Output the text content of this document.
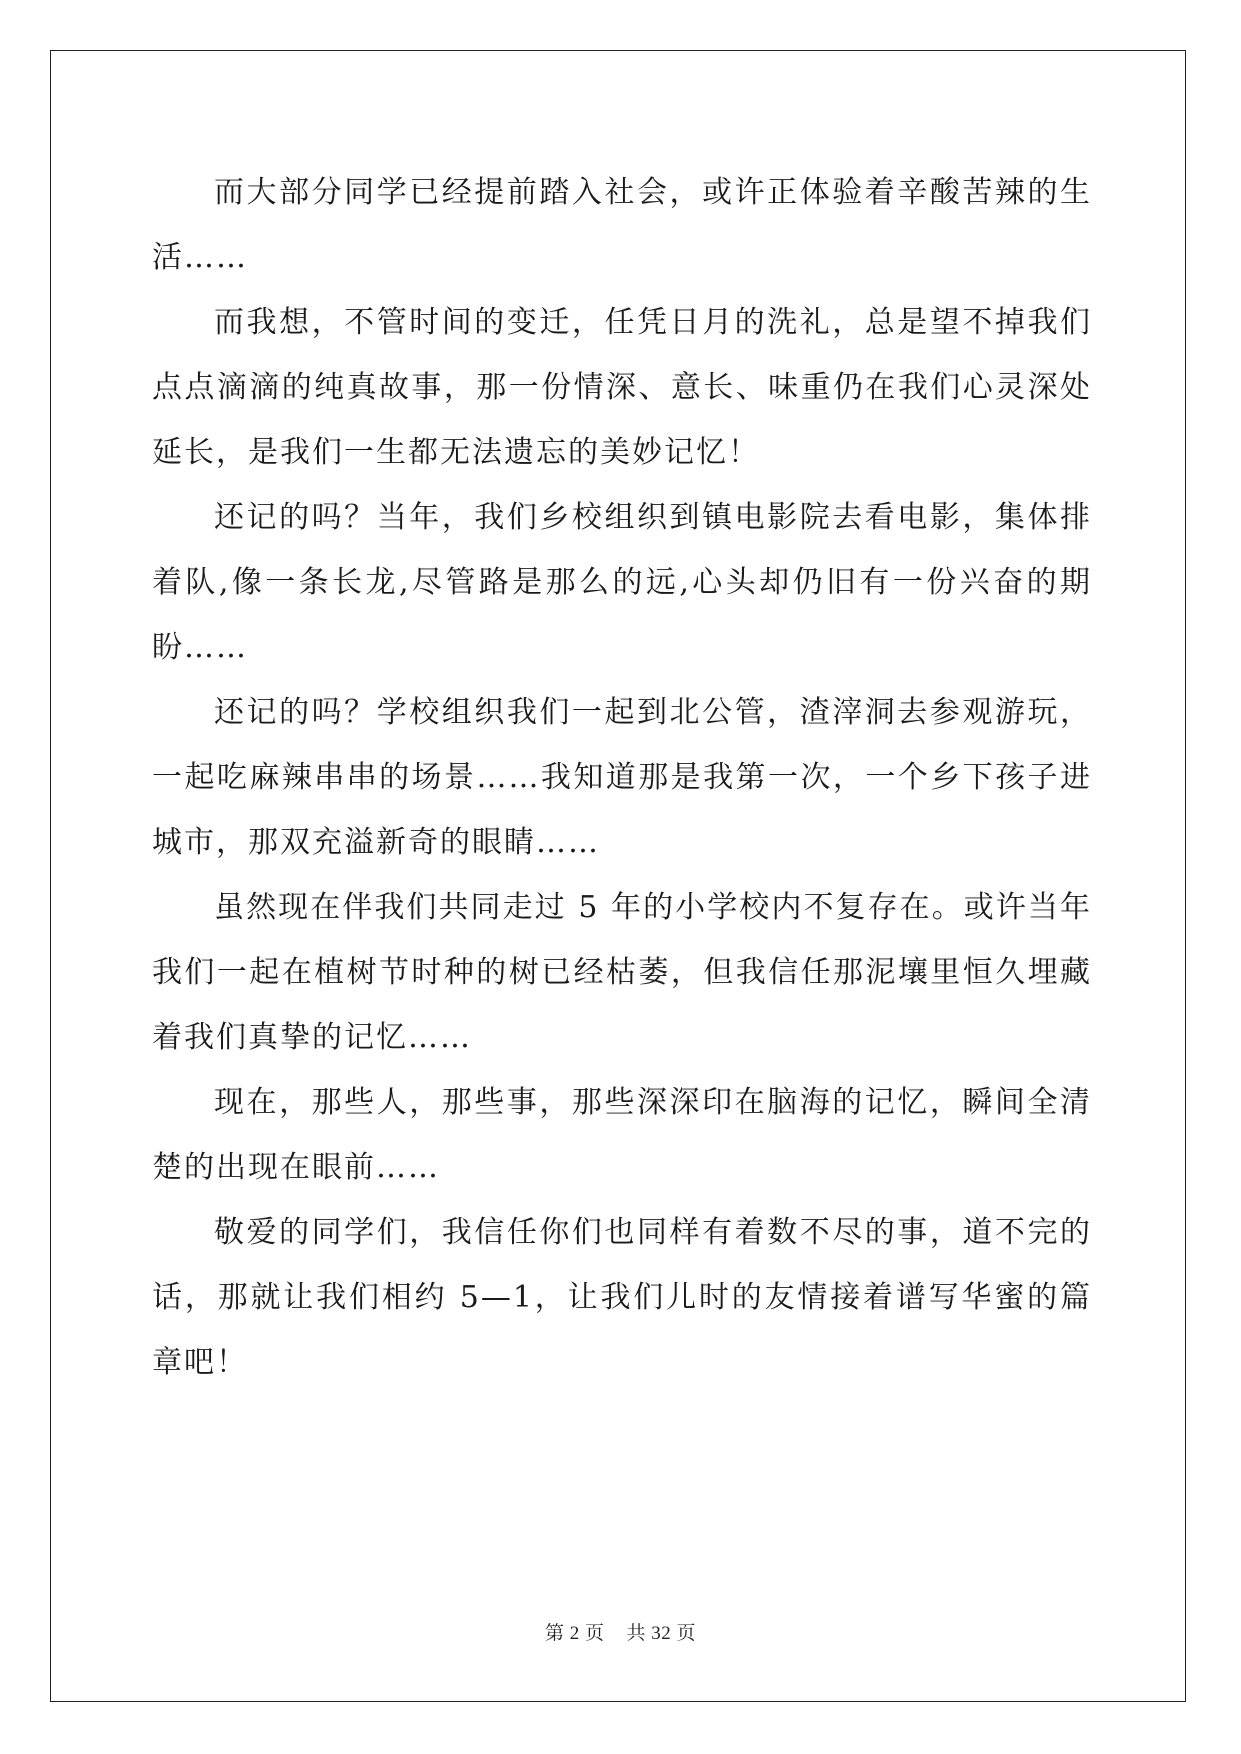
而大部分同学已经提前踏入社会，或许正体验着辛酸苦辣的生活……

而我想，不管时间的变迁，任凭日月的洗礼，总是望不掉我们点点滴滴的纯真故事，那一份情深、意长、味重仍在我们心灵深处延长，是我们一生都无法遗忘的美妙记忆！

还记的吗？当年，我们乡校组织到镇电影院去看电影，集体排着队,像一条长龙,尽管路是那么的远,心头却仍旧有一份兴奋的期盼……

还记的吗？学校组织我们一起到北公管，渣滓洞去参观游玩，一起吃麻辣串串的场景……我知道那是我第一次，一个乡下孩子进城市，那双充溢新奇的眼睛……

虽然现在伴我们共同走过 5 年的小学校内不复存在。或许当年我们一起在植树节时种的树已经枯萎，但我信任那泥壤里恒久埋藏着我们真挚的记忆……

现在，那些人，那些事，那些深深印在脑海的记忆，瞬间全清楚的出现在眼前……

敬爱的同学们，我信任你们也同样有着数不尽的事，道不完的话，那就让我们相约 5—1，让我们儿时的友情接着谱写华蜜的篇章吧！

第 2 页 共 32 页
